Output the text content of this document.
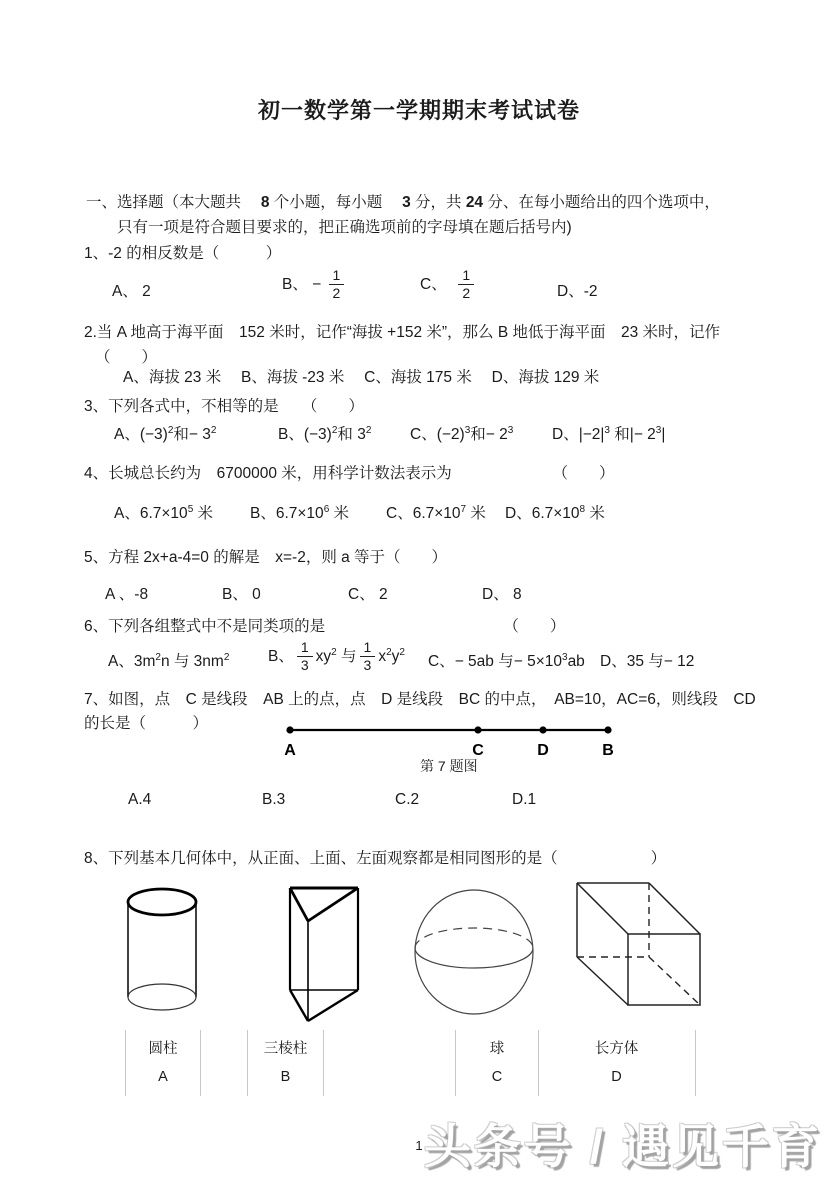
初一数学第一学期期末考试试卷
一、选择题（本大题共　 8 个小题，每小题　 3 分，共 24 分、在每小题给出的四个选项中，
只有一项是符合题目要求的，把正确选项前的字母填在题后括号内)
1、-2 的相反数是（　　　）
A、 2	B、 − $\frac{1}{2}$	C、 $\frac{1}{2}$	D、-2
2.当 A 地高于海平面　152 米时，记作“海拔 +152 米”，那么 B 地低于海平面　23 米时，记作
（　　）
A、海拔 23 米　 B、海拔 -23 米　 C、海拔 175 米　 D、海拔 129 米
3、下列各式中，不相等的是　　（　　）
A、$(-3)^2$和− $3^2$	B、$(-3)^2$和 $3^2$ C、$(-2)^3$和− $2^3$ D、$|-2|^3$ 和|− $2^3|$
4、长城总长约为　6700000 米，用科学计数法表示为　　　　　　　（　　）
A、$6.7\times 10^5$ 米 B、$6.7\times 10^6$ 米 C、$6.7\times 10^7$ 米 D、$6.7\times 10^8$ 米
5、方程 2x+a-4=0 的解是　x=-2，则 a 等于（　　）
A 、-8	B、 0	C、 2	D、 8
6、下列各组整式中不是同类项的是　　　　　　　　　　　　（　　）
A、$3m^2n$ 与 $3nm^2$ B、 $\frac{1}{3} xy^2$ 与 $\frac{1}{3} x^2y^2$
C、− 5ab 与− $5\times 10^3ab$ D、35 与− 12
7、如图，点　C 是线段　AB 上的点，点　D 是线段　BC 的中点，　AB=10，AC=6，则线段　CD
的长是（　　　）
A	C	D	B
第 7 题图
A.4	B.3	C.2	D.1
8、下列基本几何体中，从正面、上面、左面观察都是相同图形的是（　　　　　　）
圆柱
A
三棱柱
B
球
C
长方体
D
1 头条号 / 遇见千育
